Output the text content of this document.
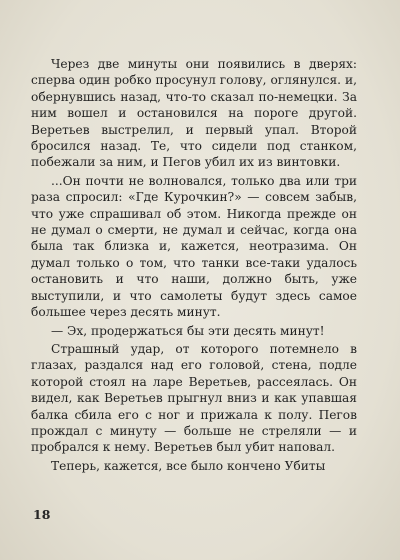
Через две минуты они появились в дверях: сперва один робко просунул голову, оглянулся. и, обернувшись назад, что-то сказал по-немецки. За ним вошел и остановился на пороге другой. Веретьев выстрелил, и первый упал. Второй бросился назад. Те, что сидели под станком, побежали за ним, и Пегов убил их из винтовки.

...Он почти не волновался, только два или три раза спросил: «Где Курочкин?» — совсем забыв, что уже спрашивал об этом. Никогда прежде он не думал о смерти, не думал и сейчас, когда она была так близка и, кажется, неотразима. Он думал только о том, что танки все-таки удалось остановить и что наши, должно быть, уже выступили, и что самолеты будут здесь самое большее через десять минут.

— Эх, продержаться бы эти десять минут!

Страшный удар, от которого потемнело в глазах, раздался над его головой, стена, подле которой стоял на ларе Веретьев, рассеялась. Он видел, как Веретьев прыгнул вниз и как упавшая балка сбила его с ног и прижала к полу. Пегов прождал с минуту — больше не стреляли — и пробрался к нему. Веретьев был убит наповал.

Теперь, кажется, все было кончено Убиты

18
